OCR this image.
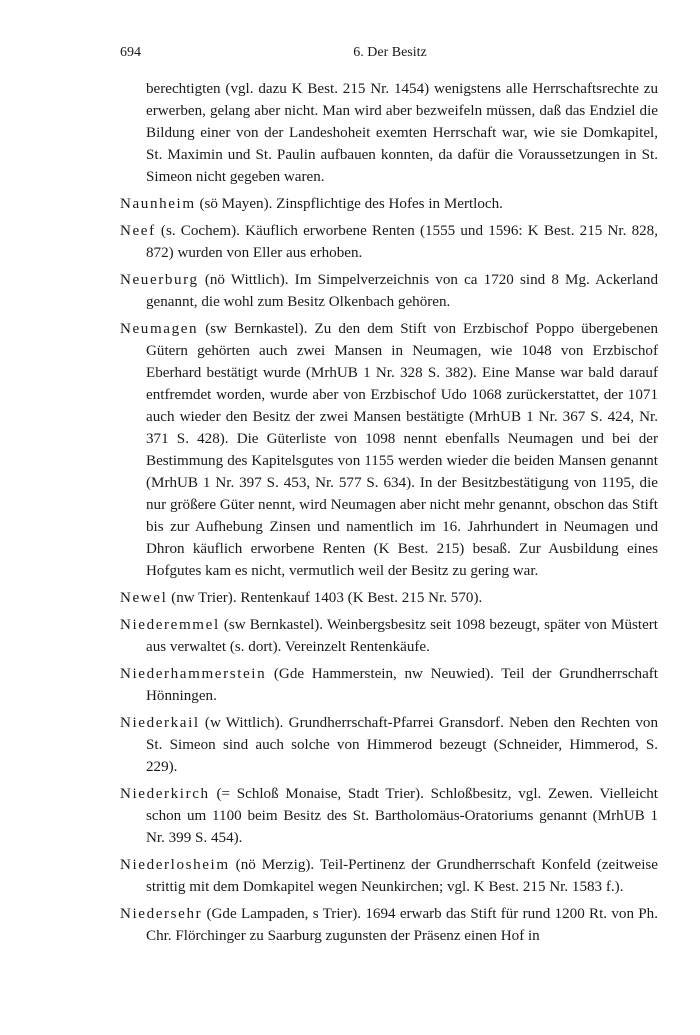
694	6. Der Besitz

berechtigten (vgl. dazu K Best. 215 Nr. 1454) wenigstens alle Herrschaftsrechte zu erwerben, gelang aber nicht. Man wird aber bezweifeln müssen, daß das Endziel die Bildung einer von der Landeshoheit exemten Herrschaft war, wie sie Domkapitel, St. Maximin und St. Paulin aufbauen konnten, da dafür die Voraussetzungen in St. Simeon nicht gegeben waren.

Naunheim (sö Mayen). Zinspflichtige des Hofes in Mertloch.

Neef (s. Cochem). Käuflich erworbene Renten (1555 und 1596: K Best. 215 Nr. 828, 872) wurden von Eller aus erhoben.

Neuerburg (nö Wittlich). Im Simpelverzeichnis von ca 1720 sind 8 Mg. Ackerland genannt, die wohl zum Besitz Olkenbach gehören.

Neumagen (sw Bernkastel). Zu den dem Stift von Erzbischof Poppo übergebenen Gütern gehörten auch zwei Mansen in Neumagen, wie 1048 von Erzbischof Eberhard bestätigt wurde (MrhUB 1 Nr. 328 S. 382). Eine Manse war bald darauf entfremdet worden, wurde aber von Erzbischof Udo 1068 zurückerstattet, der 1071 auch wieder den Besitz der zwei Mansen bestätigte (MrhUB 1 Nr. 367 S. 424, Nr. 371 S. 428). Die Güterliste von 1098 nennt ebenfalls Neumagen und bei der Bestimmung des Kapitelsgutes von 1155 werden wieder die beiden Mansen genannt (MrhUB 1 Nr. 397 S. 453, Nr. 577 S. 634). In der Besitzbestätigung von 1195, die nur größere Güter nennt, wird Neumagen aber nicht mehr genannt, obschon das Stift bis zur Aufhebung Zinsen und namentlich im 16. Jahrhundert in Neumagen und Dhron käuflich erworbene Renten (K Best. 215) besaß. Zur Ausbildung eines Hofgutes kam es nicht, vermutlich weil der Besitz zu gering war.

Newel (nw Trier). Rentenkauf 1403 (K Best. 215 Nr. 570).

Niederemmel (sw Bernkastel). Weinbergsbesitz seit 1098 bezeugt, später von Müstert aus verwaltet (s. dort). Vereinzelt Rentenkäufe.

Niederhammerstein (Gde Hammerstein, nw Neuwied). Teil der Grundherrschaft Hönningen.

Niederkail (w Wittlich). Grundherrschaft-Pfarrei Gransdorf. Neben den Rechten von St. Simeon sind auch solche von Himmerod bezeugt (Schneider, Himmerod, S. 229).

Niederkirch (= Schloß Monaise, Stadt Trier). Schloßbesitz, vgl. Zewen. Vielleicht schon um 1100 beim Besitz des St. Bartholomäus-Oratoriums genannt (MrhUB 1 Nr. 399 S. 454).

Niederlosheim (nö Merzig). Teil-Pertinenz der Grundherrschaft Konfeld (zeitweise strittig mit dem Domkapitel wegen Neunkirchen; vgl. K Best. 215 Nr. 1583 f.).

Niedersehr (Gde Lampaden, s Trier). 1694 erwarb das Stift für rund 1200 Rt. von Ph. Chr. Flörchinger zu Saarburg zugunsten der Präsenz einen Hof in
